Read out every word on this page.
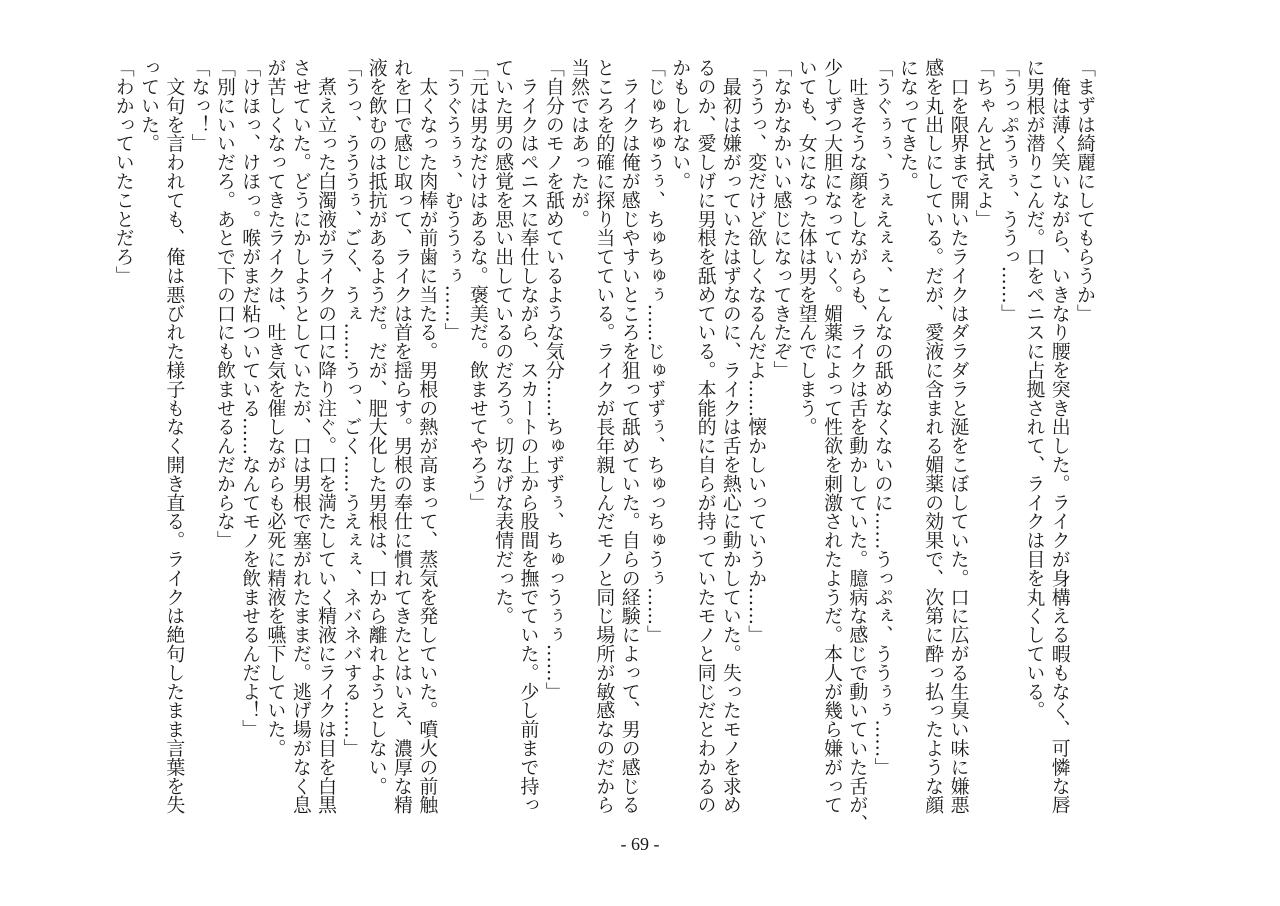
「まずは綺麗にしてもらうか」
　俺は薄く笑いながら、いきなり腰を突き出した。ライクが身構える暇もなく、可憐な唇
に男根が潜りこんだ。口をペニスに占拠されて、ライクは目を丸くしている。
「うっぷうぅぅ、ううっ……」
「ちゃんと拭えよ」
　口を限界まで開いたライクはダラダラと涎をこぼしていた。口に広がる生臭い味に嫌悪
感を丸出しにしている。だが、愛液に含まれる媚薬の効果で、次第に酔っ払ったような顔
になってきた。
「うぐぅぅ、うぇえぇぇ、こんなの舐めなくないのに……うっぷぇ、ううぅぅ……」
　吐きそうな顔をしながらも、ライクは舌を動かしていた。臆病な感じで動いていた舌が、
少しずつ大胆になっていく。媚薬によって性欲を刺激されたようだ。本人が幾ら嫌がって
いても、女になった体は男を望んでしまう。
「なかなかいい感じになってきたぞ」
「ううっ、変だけど欲しくなるんだよ……懐かしいっていうか……」
　最初は嫌がっていたはずなのに、ライクは舌を熱心に動かしていた。失ったモノを求め
るのか、愛しげに男根を舐めている。本能的に自らが持っていたモノと同じだとわかるの
かもしれない。
「じゅちゅうぅ、ちゅちゅぅ……じゅずずぅ、ちゅっちゅうぅ……」
　ライクは俺が感じやすいところを狙って舐めていた。自らの経験によって、男の感じる
ところを的確に探り当てている。ライクが長年親しんだモノと同じ場所が敏感なのだから
当然ではあったが。
「自分のモノを舐めているような気分……ちゅずずぅ、ちゅっうぅぅ……」
　ライクはペニスに奉仕しながら、スカートの上から股間を撫でていた。少し前まで持っ
ていた男の感覚を思い出しているのだろう。切なげな表情だった。
「元は男なだけはあるな。褒美だ。飲ませてやろう」
「うぐうぅぅ、むううぅぅ……」
　太くなった肉棒が前歯に当たる。男根の熱が高まって、蒸気を発していた。噴火の前触
れを口で感じ取って、ライクは首を揺らす。男根の奉仕に慣れてきたとはいえ、濃厚な精
液を飲むのは抵抗があるようだ。だが、肥大化した男根は、口から離れようとしない。
「うっ、うううぅ、ごく、うぇ……うっ、ごく……うえぇぇ、ネバネバする……」
　煮え立った白濁液がライクの口に降り注ぐ。口を満たしていく精液にライクは目を白黒
させていた。どうにかしようとしていたが、口は男根で塞がれたままだ。逃げ場がなく息
が苦しくなってきたライクは、吐き気を催しながらも必死に精液を嚥下していた。
「けほっ、けほっ。喉がまだ粘ついている……なんてモノを飲ませるんだよ！」
「別にいいだろ。あとで下の口にも飲ませるんだからな」
「なっ！」
　文句を言われても、俺は悪びれた様子もなく開き直る。ライクは絶句したまま言葉を失
っていた。
「わかっていたことだろ」
- 69 -
